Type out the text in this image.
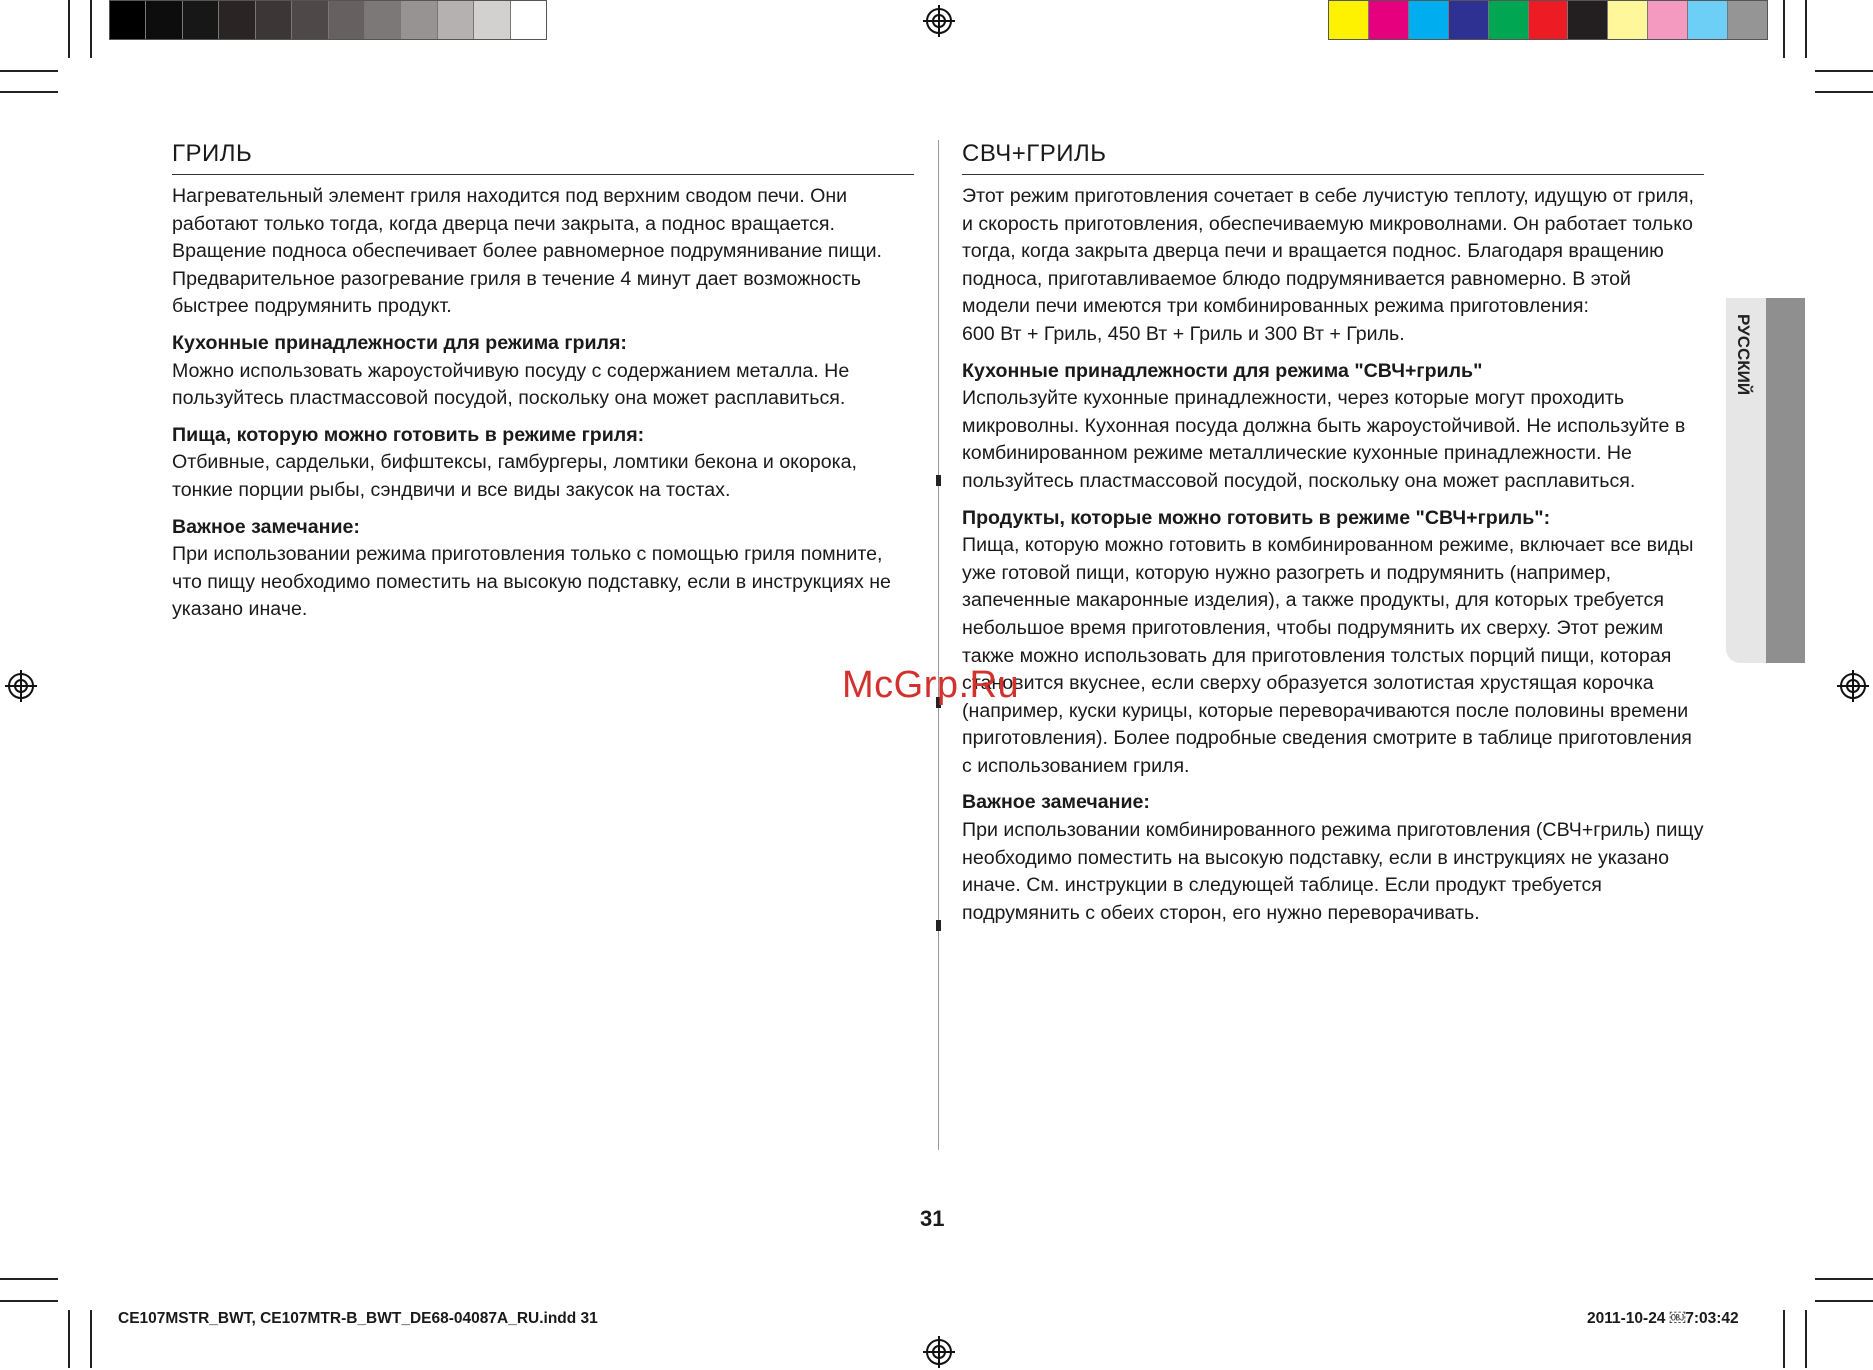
ГРИЛЬ

Нагревательный элемент гриля находится под верхним сводом печи. Они работают только тогда, когда дверца печи закрыта, а поднос вращается. Вращение подноса обеспечивает более равномерное подрумянивание пищи. Предварительное разогревание гриля в течение 4 минут дает возможность быстрее подрумянить продукт.

Кухонные принадлежности для режима гриля:
Можно использовать жароустойчивую посуду с содержанием металла. Не пользуйтесь пластмассовой посудой, поскольку она может расплавиться.

Пища, которую можно готовить в режиме гриля:
Отбивные, сардельки, бифштексы, гамбургеры, ломтики бекона и окорока, тонкие порции рыбы, сэндвичи и все виды закусок на тостах.

Важное замечание:
При использовании режима приготовления только с помощью гриля помните, что пищу необходимо поместить на высокую подставку, если в инструкциях не указано иначе.

СВЧ+ГРИЛЬ

Этот режим приготовления сочетает в себе лучистую теплоту, идущую от гриля, и скорость приготовления, обеспечиваемую микроволнами. Он работает только тогда, когда закрыта дверца печи и вращается поднос. Благодаря вращению подноса, приготавливаемое блюдо подрумянивается равномерно. В этой модели печи имеются три комбинированных режима приготовления:
600 Вт + Гриль, 450 Вт + Гриль и 300 Вт + Гриль.

Кухонные принадлежности для режима "СВЧ+гриль"
Используйте кухонные принадлежности, через которые могут проходить микроволны. Кухонная посуда должна быть жароустойчивой. Не используйте в комбинированном режиме металлические кухонные принадлежности. Не пользуйтесь пластмассовой посудой, поскольку она может расплавиться.

Продукты, которые можно готовить в режиме "СВЧ+гриль":
Пища, которую можно готовить в комбинированном режиме, включает все виды уже готовой пищи, которую нужно разогреть и подрумянить (например, запеченные макаронные изделия), а также продукты, для которых требуется небольшое время приготовления, чтобы подрумянить их сверху. Этот режим также можно использовать для приготовления толстых порций пищи, которая становится вкуснее, если сверху образуется золотистая хрустящая корочка (например, куски курицы, которые переворачиваются после половины времени приготовления). Более подробные сведения смотрите в таблице приготовления с использованием гриля.

Важное замечание:
При использовании комбинированного режима приготовления (СВЧ+гриль) пищу необходимо поместить на высокую подставку, если в инструкциях не указано иначе. См. инструкции в следующей таблице. Если продукт требуется подрумянить с обеих сторон, его нужно переворачивать.

РУССКИЙ
McGrp.Ru
31
CE107MSTR_BWT, CE107MTR-B_BWT_DE68-04087A_RU.indd 31	2011-10-24 ￼7:03:42
